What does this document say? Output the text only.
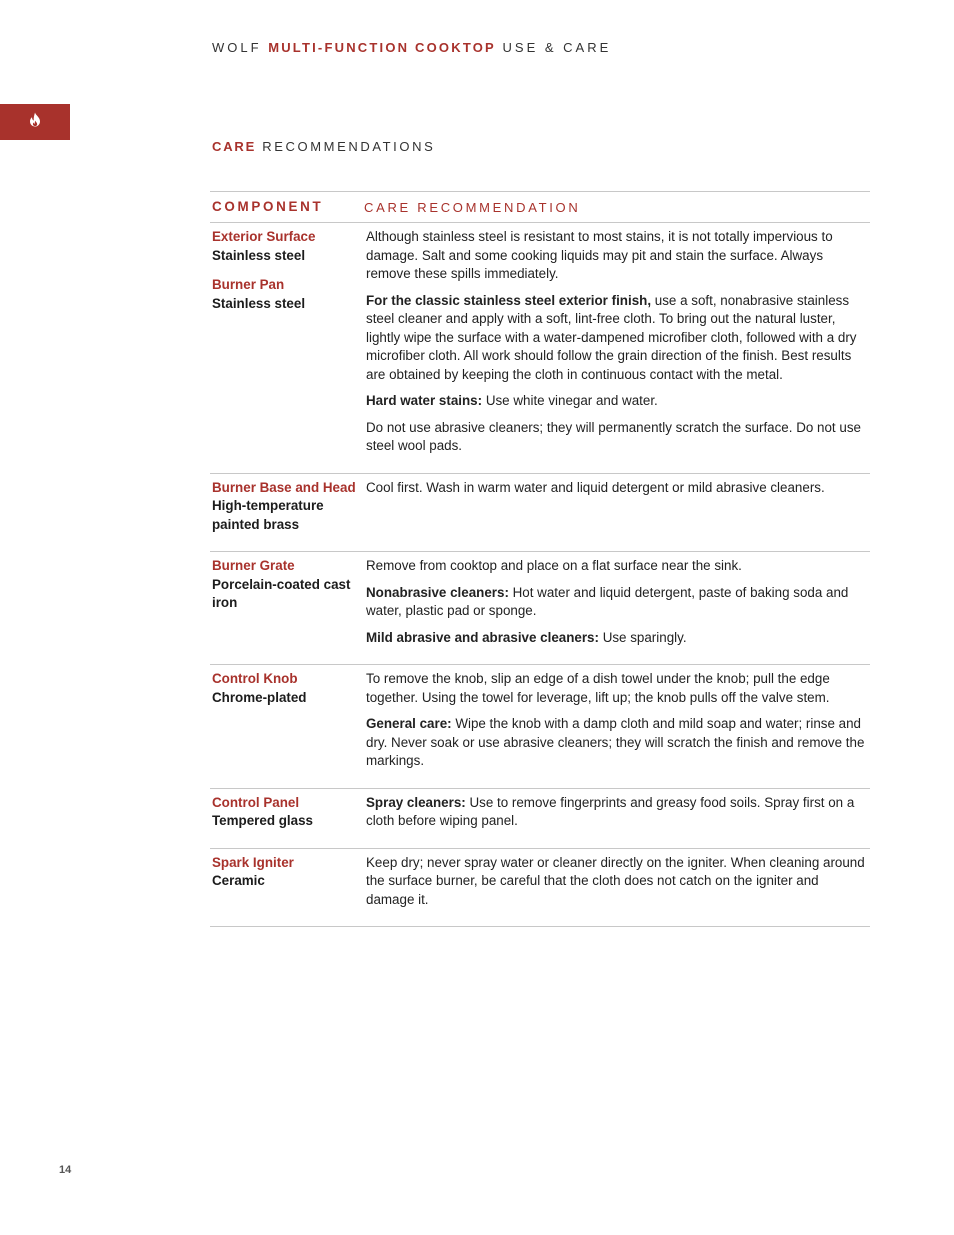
WOLF MULTI-FUNCTION COOKTOP USE & CARE
CARE RECOMMENDATIONS
COMPONENT	CARE RECOMMENDATION
Exterior Surface
Stainless steel
Burner Pan
Stainless steel

Although stainless steel is resistant to most stains, it is not totally impervious to damage. Salt and some cooking liquids may pit and stain the surface. Always remove these spills immediately.

For the classic stainless steel exterior finish, use a soft, nonabrasive stainless steel cleaner and apply with a soft, lint-free cloth. To bring out the natural luster, lightly wipe the surface with a water-dampened microfiber cloth, followed with a dry microfiber cloth. All work should follow the grain direction of the finish. Best results are obtained by keeping the cloth in continuous contact with the metal.

Hard water stains: Use white vinegar and water.

Do not use abrasive cleaners; they will permanently scratch the surface. Do not use steel wool pads.

Burner Base and Head
High-temperature painted brass

Cool first. Wash in warm water and liquid detergent or mild abrasive cleaners.

Burner Grate
Porcelain-coated cast iron

Remove from cooktop and place on a flat surface near the sink.

Nonabrasive cleaners: Hot water and liquid detergent, paste of baking soda and water, plastic pad or sponge.

Mild abrasive and abrasive cleaners: Use sparingly.

Control Knob
Chrome-plated

To remove the knob, slip an edge of a dish towel under the knob; pull the edge together. Using the towel for leverage, lift up; the knob pulls off the valve stem.

General care: Wipe the knob with a damp cloth and mild soap and water; rinse and dry. Never soak or use abrasive cleaners; they will scratch the finish and remove the markings.

Control Panel
Tempered glass

Spray cleaners: Use to remove fingerprints and greasy food soils. Spray first on a cloth before wiping panel.

Spark Igniter
Ceramic

Keep dry; never spray water or cleaner directly on the igniter. When cleaning around the surface burner, be careful that the cloth does not catch on the igniter and damage it.

14
